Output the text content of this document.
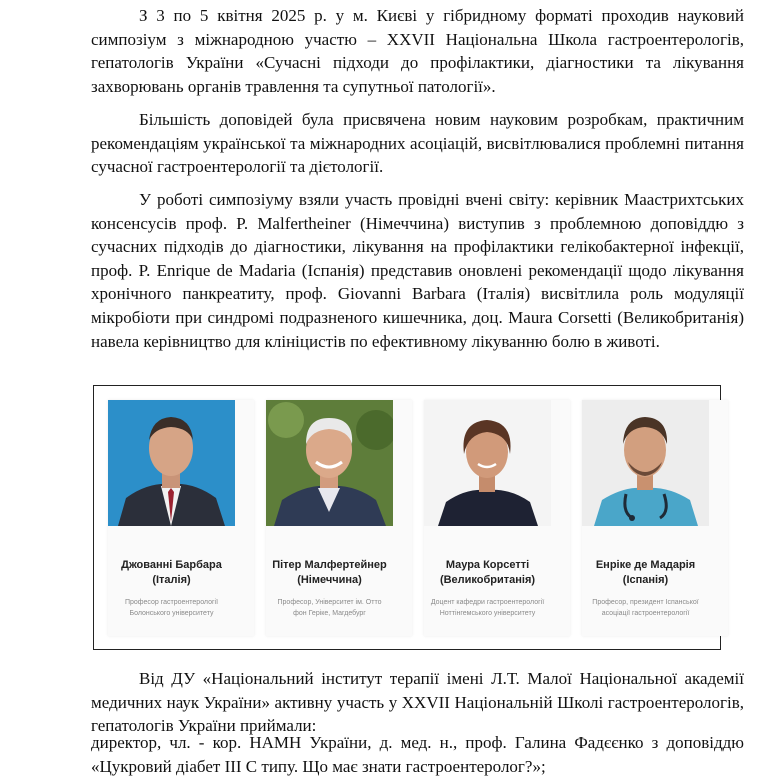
З 3 по 5 квітня 2025 р. у м. Києві у гібридному форматі проходив науковий симпозіум з міжнародною участю – XXVII Національна Школа гастроентерологів, гепатологів України «Сучасні підходи до профілактики, діагностики та лікування захворювань органів травлення та супутньої патології».

Більшість доповідей була присвячена новим науковим розробкам, практичним рекомендаціям української та міжнародних асоціацій, висвітлювалися проблемні питання сучасної гастроентерології та дієтології.

У роботі симпозіуму взяли участь провідні вчені світу: керівник Маастрихтських консенсусів проф. P. Malfertheiner (Німеччина) виступив з проблемною доповіддю з сучасних підходів до діагностики, лікування на профілактики гелікобактерної інфекції, проф. P. Enrique de Madaria (Іспанія) представив оновлені рекомендації щодо лікування хронічного панкреатиту, проф. Giovanni Barbara (Італія) висвітлила роль модуляції мікробіоти при синдромі подразненого кишечника, доц. Maura Corsetti (Великобританія) навела керівництво для клініцистів по ефективному лікуванню болю в животі.

Джованні Барбара
(Італія)
Професор гастроентерології
Болонського університету
Пітер Малфертейнер
(Німеччина)
Професор, Університет ім. Отто
фон Геріке, Магдебург
Маура Корсетті
(Великобританія)
Доцент кафедри гастроентерології
Ноттінгемського університету
Енріке де Мадарія
(Іспанія)
Професор, президент Іспанської
асоціації гастроентерології

Від ДУ «Національний інститут терапії імені Л.Т. Малої Національної академії медичних наук України» активну участь у XXVII Національній Школі гастроентерологів, гепатологів України приймали:

директор, чл. - кор. НАМН України, д. мед. н., проф. Галина Фадєєнко з доповіддю «Цукровий діабет ІІІ С типу. Що має знати гастроентеролог?»;
